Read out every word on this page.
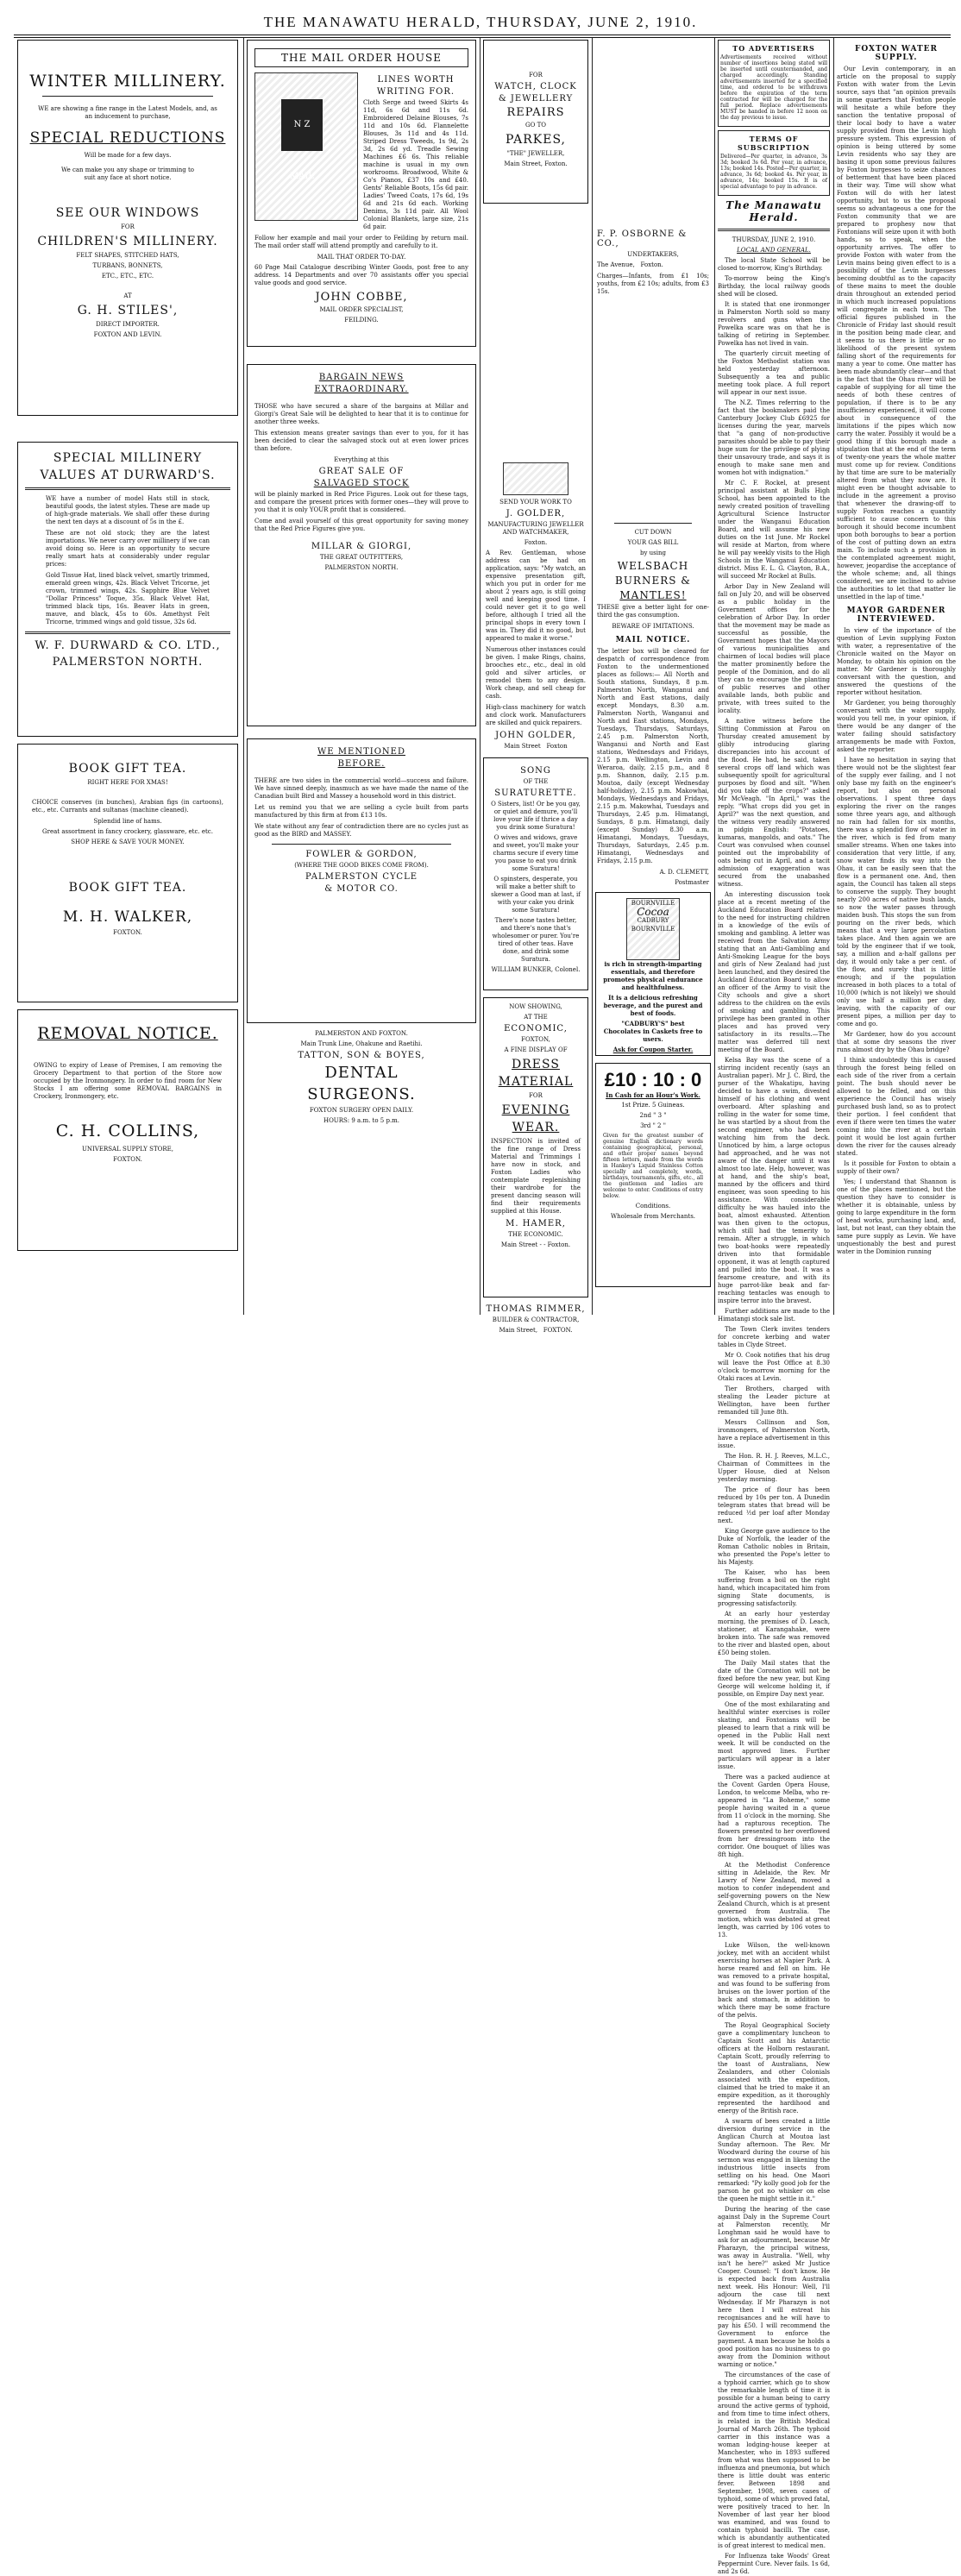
THE MANAWATU HERALD, THURSDAY, JUNE 2, 1910.
WINTER MILLINERY.

WE are showing a fine range in the Latest Models, and, as an inducement to purchase,

SPECIAL REDUCTIONS

Will be made for a few days.

We can make you any shape or trimming to suit any face at short notice.

SEE OUR WINDOWS

FOR

CHILDREN'S MILLINERY.

FELT SHAPES, STITCHED HATS,

TURBANS, BONNETS,

ETC., ETC., ETC.

AT

G. H. STILES',

DIRECT IMPORTER.

FOXTON AND LEVIN.

SPECIAL MILLINERY
VALUES AT DURWARD'S.

WE have a number of model Hats still in stock, beautiful goods, the latest styles. These are made up of high-grade materials. We shall offer these during the next ten days at a discount of 5s in the £.

These are not old stock; they are the latest importations. We never carry over millinery if we can avoid doing so. Here is an opportunity to secure really smart hats at considerably under regular prices:

Gold Tissue Hat, lined black velvet, smartly trimmed, emerald green wings, 42s. Black Velvet Tricorne, jet crown, trimmed wings, 42s. Sapphire Blue Velvet "Dollar Princess" Toque, 35s. Black Velvet Hat, trimmed black tips, 16s. Beaver Hats in green, mauve, and black, 45s to 60s. Amethyst Felt Tricorne, trimmed wings and gold tissue, 32s 6d.

W. F. DURWARD & CO. LTD.,
PALMERSTON NORTH.
BOOK GIFT TEA.

RIGHT HERE FOR XMAS!

CHOICE conserves (in bunches), Arabian figs (in cartoons), etc., etc. Currants and sultanas (machine cleaned).

Splendid line of hams.

Great assortment in fancy crockery, glassware, etc. etc.

SHOP HERE & SAVE YOUR MONEY.

BOOK GIFT TEA.
M. H. WALKER,

FOXTON.

REMOVAL NOTICE.

OWING to expiry of Lease of Premises, I am removing the Grocery Department to that portion of the Store now occupied by the Ironmongery. In order to find room for New Stocks I am offering some REMOVAL BARGAINS in Crockery, Ironmongery, etc.

C. H. COLLINS,

UNIVERSAL SUPPLY STORE,

FOXTON.

THE MAIL ORDER HOUSE
N Z MAIL
LINES WORTH
WRITING FOR.

Cloth Serge and tweed Skirts 4s 11d, 6s 6d and 11s 6d. Embroidered Delaine Blouses, 7s 11d and 10s 6d. Flannelette Blouses, 3s 11d and 4s 11d. Striped Dress Tweeds, 1s 9d, 2s 3d, 2s 6d yd. Treadle Sewing Machines £6 6s. This reliable machine is usual in my own workrooms. Broadwood, White & Co's Pianos, £37 10s and £40. Gents' Reliable Boots, 15s 6d pair. Ladies' Tweed Coats, 17s 6d, 19s 6d and 21s 6d each. Working Denims, 3s 11d pair. All Wool Colonial Blankets, large size, 21s 6d pair.

Follow her example and mail your order to Feilding by return mail. The mail order staff will attend promptly and carefully to it.

MAIL THAT ORDER TO-DAY.

60 Page Mail Catalogue describing Winter Goods, post free to any address. 14 Departments and over 70 assistants offer you special value goods and good service.

JOHN COBBE,

MAIL ORDER SPECIALIST,

FEILDING.

BARGAIN NEWS
EXTRAORDINARY.

THOSE who have secured a share of the bargains at Millar and Giorgi's Great Sale will be delighted to hear that it is to continue for another three weeks.

This extension means greater savings than ever to you, for it has been decided to clear the salvaged stock out at even lower prices than before.

Everything at this

GREAT SALE OF
SALVAGED STOCK

will be plainly marked in Red Price Figures. Look out for these tags, and compare the present prices with former ones—they will prove to you that it is only YOUR profit that is considered.

Come and avail yourself of this great opportunity for saving money that the Red Price Figures give you.

MILLAR & GIORGI,

THE GREAT OUTFITTERS,

PALMERSTON NORTH.

WE MENTIONED
BEFORE.

THERE are two sides in the commercial world—success and failure. We have sinned deeply, inasmuch as we have made the name of the Canadian built Bird and Massey a household word in this district.

Let us remind you that we are selling a cycle built from parts manufactured by this firm at from £13 10s.

We state without any fear of contradiction there are no cycles just as good as the BIRD and MASSEY.

FOWLER & GORDON,

(WHERE THE GOOD BIKES COME FROM).

PALMERSTON CYCLE
& MOTOR CO.

PALMERSTON AND FOXTON.

Main Trunk Line, Ohakune and Raetihi.

TATTON, SON & BOYES,
DENTAL
SURGEONS.

FOXTON SURGERY OPEN DAILY.

HOURS: 9 a.m. to 5 p.m.

FOR

WATCH, CLOCK
& JEWELLERY
REPAIRS

GO TO

PARKES,

"THE" JEWELLER,

Main Street, Foxton.

SEND YOUR WORK TO

J. GOLDER,

MANUFACTURING JEWELLER AND WATCHMAKER,

Foxton.

A Rev. Gentleman, whose address can be had on application, says: "My watch, an expensive presentation gift, which you put in order for me about 2 years ago, is still going well and keeping good time. I could never get it to go well before, although I tried all the principal shops in every town I was in. They did it no good, but appeared to make it worse."

Numerous other instances could be given. I make Rings, chains, brooches etc., etc., deal in old gold and silver articles, or remodel them to any design. Work cheap, and sell cheap for cash.

High-class machinery for watch and clock work. Manufacturers are skilled and quick repairers.

JOHN GOLDER,

Main Street Foxton

SONG

OF THE

SURATURETTE.

O Sisters, list! Or be you gay, or quiet and demure, you'll love your life if thrice a day you drink some Suratura!

O wives and widows, grave and sweet, you'll make your charms secure if every time you pause to eat you drink some Suratura!

O spinsters, desperate, you will make a better shift to skewer a Good man at last, if with your cake you drink some Suratura!

There's none tastes better, and there's none that's wholesomer or purer. You're tired of other teas. Have done, and drink some Suratura.

WILLIAM BUNKER, Colonel.

NOW SHOWING,

AT THE

ECONOMIC,

FOXTON,

A FINE DISPLAY OF

DRESS
MATERIAL

FOR

EVENING
WEAR.

INSPECTION is invited of the fine range of Dress Material and Trimmings I have now in stock, and Foxton Ladies who contemplate replenishing their wardrobe for the present dancing season will find their requirements supplied at this House.

M. HAMER,

THE ECONOMIC.

Main Street - - Foxton.

THOMAS RIMMER,

BUILDER & CONTRACTOR,

Main Street, FOXTON.

F. P. OSBORNE & CO.,

UNDERTAKERS,

The Avenue, Foxton.

Charges—Infants, from £1 10s; youths, from £2 10s; adults, from £3 15s.

CUT DOWN

YOUR GAS BILL

by using

WELSBACH
BURNERS &
MANTLES!

THESE give a better light for one-third the gas consumption.

BEWARE OF IMITATIONS.

MAIL NOTICE.

The letter box will be cleared for despatch of correspondence from Foxton to the undermentioned places as follows:— All North and South stations, Sundays, 8 p.m. Palmerston North, Wanganui and North and East stations, daily except Mondays, 8.30 a.m. Palmerston North, Wanganui and North and East stations, Mondays, Tuesdays, Thursdays, Saturdays, 2.45 p.m. Palmerston North, Wanganui and North and East stations, Wednesdays and Fridays, 2.15 p.m. Wellington, Levin and Weraroa, daily, 2.15 p.m., and 8 p.m. Shannon, daily, 2.15 p.m. Moutoa, daily (except Wednesday half-holiday), 2.15 p.m. Makowhai, Mondays, Wednesdays and Fridays, 2.15 p.m. Makowhai, Tuesdays and Thursdays, 2.45 p.m. Himatangi, Sundays, 8 p.m. Himatangi, daily (except Sunday) 8.30 a.m. Himatangi, Mondays, Tuesdays, Thursdays, Saturdays, 2.45 p.m. Himatangi, Wednesdays and Fridays, 2.15 p.m.

A. D. CLEMETT,

Postmaster

BOURNVILLE
Cocoa
CADBURY BOURNVILLE

is rich in strength-imparting essentials, and therefore promotes physical endurance and healthfulness.

It is a delicious refreshing beverage, and the purest and best of foods.

"CADBURY'S" best Chocolates in Caskets free to users.

Ask for Coupon Starter.

£10 : 10 : 0

In Cash for an Hour's Work.

1st Prize. 5 Guineas.

2nd " 3 "

3rd " 2 "

Given for the greatest number of genuine English dictionary words containing geographical, personal, and other proper names beyond fifteen letters, made from the words in Hankey's Liquid Stainless Cotton specially and completely, words, birthdays, tournaments, gifts, etc., all the gentlemen and ladies are welcome to enter. Conditions of entry below.

Conditions.

Wholesale from Merchants.

TO ADVERTISERS

Advertisements received without number of insertions being stated will be inserted until countermanded, and charged accordingly. Standing advertisements inserted for a specified time, and ordered to be withdrawn before the expiration of the term contracted for will be charged for the full period. Replace advertisements MUST be handed in before 12 noon on the day previous to issue.

TERMS OF SUBSCRIPTION

Delivered—Per quarter, in advance, 3s 3d; booked 3s 6d. Per year, in advance, 13s; booked 14s. Posted—Per quarter, in advance, 3s 6d; booked 4s. Per year, in advance, 14s; booked 15s. It is of special advantage to pay in advance.

The Manawatu Herald.

THURSDAY, JUNE 2, 1910.

LOCAL AND GENERAL.

The local State School will be closed to-morrow, King's Birthday.

To-morrow being the King's Birthday, the local railway goods shed will be closed.

It is stated that one ironmonger in Palmerston North sold so many revolvers and guns when the Powelka scare was on that he is talking of retiring in September. Powelka has not lived in vain.

The quarterly circuit meeting of the Foxton Methodist station was held yesterday afternoon. Subsequently a tea and public meeting took place. A full report will appear in our next issue.

The N.Z. Times referring to the fact that the bookmakers paid the Canterbury Jockey Club £6925 for licenses during the year, marvels that "a gang of non-productive parasites should be able to pay their huge sum for the privilege of plying their unsavoury trade, and says it is enough to make sane men and women hot with indignation."

Mr C. F. Rockel, at present principal assistant at Bulls High School, has been appointed to the newly created position of travelling Agricultural Science Instructor under the Wanganui Education Board, and will assume his new duties on the 1st June. Mr Rockel will reside at Marton, from where he will pay weekly visits to the High Schools in the Wanganui Education district. Miss E. L. G. Clayton, B.A., will succeed Mr Rockel at Bulls.

Arbor Day in New Zealand will fall on July 20, and will be observed as a public holiday in the Government offices for the celebration of Arbor Day. In order that the movement may be made as successful as possible, the Government hopes that the Mayors of various municipalities and chairmen of local bodies will place the matter prominently before the people of the Dominion, and do all they can to encourage the planting of public reserves and other available lands, both public and private, with trees suited to the locality.

A native witness before the Sitting Commission at Parou on Thursday created amusement by glibly introducing glaring discrepancies into his account of the flood. He had, he said, taken several crops off land which was subsequently spoilt for agricultural purposes by flood and silt. "When did you take off the crops?" asked Mr McVeagh. "In April," was the reply. "What crops did you get in April?" was the next question, and the witness very readily answered in pidgin English: "Potatoes, kumaras, mangolds, and oats." The Court was convulsed when counsel pointed out the improbability of oats being cut in April, and a tacit admission of exaggeration was secured from the unabashed witness.

An interesting discussion took place at a recent meeting of the Auckland Education Board relative to the need for instructing children in a knowledge of the evils of smoking and gambling. A letter was received from the Salvation Army stating that an Anti-Gambling and Anti-Smoking League for the boys and girls of New Zealand had just been launched, and they desired the Auckland Education Board to allow an officer of the Army to visit the City schools and give a short address to the children on the evils of smoking and gambling. This privilege has been granted in other places and has proved very satisfactory in its results.—The matter was deferred till next meeting of the Board.

Kelsa Bay was the scene of a stirring incident recently (says an Australian paper). Mr J. C. Bird, the purser of the Whakatipu, having decided to have a swim, divested himself of his clothing and went overboard. After splashing and rolling in the water for some time, he was startled by a shout from the second engineer, who had been watching him from the deck. Unnoticed by him, a large octopus had approached, and he was not aware of the danger until it was almost too late. Help, however, was at hand, and the ship's boat, manned by the officers and third engineer, was soon speeding to his assistance. With considerable difficulty he was hauled into the boat, almost exhausted. Attention was then given to the octopus, which still had the temerity to remain. After a struggle, in which two boat-hooks were repeatedly driven into that formidable opponent, it was at length captured and pulled into the boat. It was a fearsome creature, and with its huge parrot-like beak and far-reaching tentacles was enough to inspire terror into the bravest.

Further additions are made to the Himatangi stock sale list.

The Town Clerk invites tenders for concrete kerbing and water tables in Clyde Street.

Mr O. Cook notifies that his drug will leave the Post Office at 8.30 o'clock to-morrow morning for the Otaki races at Levin.

Tier Brothers, charged with stealing the Leader picture at Wellington, have been further remanded till June 8th.

Messrs Collinson and Son, ironmongers, of Palmerston North, have a replace advertisement in this issue.

The Hon. R. H. J. Reeves, M.L.C., Chairman of Committees in the Upper House, died at Nelson yesterday morning.

The price of flour has been reduced by 10s per ton. A Dunedin telegram states that bread will be reduced ½d per loaf after Monday next.

King George gave audience to the Duke of Norfolk, the leader of the Roman Catholic nobles in Britain, who presented the Pope's letter to his Majesty.

The Kaiser, who has been suffering from a boil on the right hand, which incapacitated him from signing State documents, is progressing satisfactorily.

At an early hour yesterday morning, the premises of D. Leach, stationer, at Karangahake, were broken into. The safe was removed to the river and blasted open, about £50 being stolen.

The Daily Mail states that the date of the Coronation will not be fixed before the new year, but King George will welcome holding it, if possible, on Empire Day next year.

One of the most exhilarating and healthful winter exercises is roller skating, and Foxtonians will be pleased to learn that a rink will be opened in the Public Hall next week. It will be conducted on the most approved lines. Further particulars will appear in a later issue.

There was a packed audience at the Covent Garden Opera House, London, to welcome Melba, who re-appeared in "La Boheme," some people having waited in a queue from 11 o'clock in the morning. She had a rapturous reception. The flowers presented to her overflowed from her dressingroom into the corridor. One bouquet of lilies was 8ft high.

At the Methodist Conference sitting in Adelaide, the Rev. Mr Lawry of New Zealand, moved a motion to confer independent and self-governing powers on the New Zealand Church, which is at present governed from Australia. The motion, which was debated at great length, was carried by 106 votes to 13.

Luke Wilson, the well-known jockey, met with an accident whilst exercising horses at Napier Park. A horse reared and fell on him. He was removed to a private hospital, and was found to be suffering from bruises on the lower portion of the back and stomach, in addition to which there may be some fracture of the pelvis.

The Royal Geographical Society gave a complimentary luncheon to Captain Scott and his Antarctic officers at the Holborn restaurant. Captain Scott, proudly referring to the toast of Australians, New Zealanders, and other Colonials associated with the expedition, claimed that he tried to make it an empire expedition, as it thoroughly represented the hardihood and energy of the British race.

A swarm of bees created a little diversion during service in the Anglican Church at Moutoa last Sunday afternoon. The Rev. Mr Woodward during the course of his sermon was engaged in likening the industrious little insects from settling on his head. One Maori remarked: "Py kolly good job for the parson he got no whisker on else the queen he might settle in it."

During the hearing of the case against Daly in the Supreme Court at Palmerston recently, Mr Longhman said he would have to ask for an adjournment, because Mr Pharazyn, the principal witness, was away in Australia. "Well, why isn't he here?" asked Mr Justice Cooper. Counsel: "I don't know. He is expected back from Australia next week. His Honour: Well, I'll adjourn the case till next Wednesday. If Mr Pharazyn is not here then I will estreat his recognisances and he will have to pay his £50. I will recommend the Government to enforce the payment. A man because he holds a good position has no business to go away from the Dominion without warning or notice."

The circumstances of the case of a typhoid carrier, which go to show the remarkable length of time it is possible for a human being to carry around the active germs of typhoid, and from time to time infect others, is related in the British Medical Journal of March 26th. The typhoid carrier in this instance was a woman lodging-house keeper at Manchester, who in 1893 suffered from what was then supposed to be influenza and pneumonia, but which there is little doubt was enteric fever. Between 1898 and September, 1908, seven cases of typhoid, some of which proved fatal, were positively traced to her. In November of last year her blood was examined, and was found to contain typhoid bacilli. The case, which is abundantly authenticated is of great interest to medical men.

For Influenza take Woods' Great Peppermint Cure. Never fails. 1s 6d, and 2s 6d.

FOXTON WATER SUPPLY.

Our Levin contemporary, in an article on the proposal to supply Foxton with water from the Levin source, says that "an opinion prevails in some quarters that Foxton people will hesitate a while before they sanction the tentative proposal of their local body to have a water supply provided from the Levin high pressure system. This expression of opinion is being uttered by some Levin residents who say they are basing it upon some previous failures by Foxton burgesses to seize chances of betterment that have been placed in their way. Time will show what Foxton will do with her latest opportunity, but to us the proposal seems so advantageous a one for the Foxton community that we are prepared to prophesy now that Foxtonians will seize upon it with both hands, so to speak, when the opportunity arrives. The offer to provide Foxton with water from the Levin mains being given effect to is a possibility of the Levin burgesses becoming doubtful as to the capacity of these mains to meet the double drain throughout an extended period in which much increased populations will congregate in each town. The official figures published in the Chronicle of Friday last should result in the position being made clear, and it seems to us there is little or no likelihood of the present system falling short of the requirements for many a year to come. One matter has been made abundantly clear—and that is the fact that the Ohau river will be capable of supplying for all time the needs of both these centres of population, if there is to be any insufficiency experienced, it will come about in consequence of the limitations if the pipes which now carry the water. Possibly it would be a good thing if this borough made a stipulation that at the end of the term of twenty-one years the whole matter must come up for review. Conditions by that time are sure to be materially altered from what they now are. It might even be thought advisable to include in the agreement a proviso that whenever the drawing-off to supply Foxton reaches a quantity sufficient to cause concern to this borough it should become incumbent upon both boroughs to bear a portion of the cost of putting down an extra main. To include such a provision in the contemplated agreement might, however, jeopardise the acceptance of the whole scheme; and, all things considered, we are inclined to advise the authorities to let that matter lie unsettled in the lap of time."

MAYOR GARDENER INTERVIEWED.

In view of the importance of the question of Levin supplying Foxton with water, a representative of the Chronicle waited on the Mayor on Monday, to obtain his opinion on the matter. Mr Gardener is thoroughly conversant with the question, and answered the questions of the reporter without hesitation.

Mr Gardener, you being thoroughly conversant with the water supply, would you tell me, in your opinion, if there would be any danger of the water failing should satisfactory arrangements be made with Foxton, asked the reporter.

I have no hesitation in saying that there would not be the slightest fear of the supply ever failing, and I not only base my faith on the engineer's report, but also on personal observations. I spent three days exploring the river on the ranges some three years ago, and although no rain had fallen for six months, there was a splendid flow of water in the river, which is fed from many smaller streams. When one takes into consideration that very little, if any, snow water finds its way into the Ohau, it can be easily seen that the flow is a permanent one. And, then again, the Council has taken all steps to conserve the supply. They bought nearly 200 acres of native bush lands, so now the water passes through maiden bush. This stops the sun from pouring on the river beds, which means that a very large percolation takes place. And then again we are told by the engineer that if we took, say, a million and a-half gallons per day, it would only take a per cent. of the flow, and surely that is little enough; and if the population increased in both places to a total of 10,000 (which is not likely) we should only use half a million per day, leaving, with the capacity of our present pipes, a million per day to come and go.

Mr Gardener, how do you account that at some dry seasons the river runs almost dry by the Ohau bridge?

I think undoubtedly this is caused through the forest being felled on each side of the river from a certain point. The bush should never be allowed to be felled, and on this experience the Council has wisely purchased bush land, so as to protect their portion. I feel confident that even if there were ten times the water coming into the river at a certain point it would be lost again further down the river for the causes already stated.

Is it possible for Foxton to obtain a supply of their own?

Yes; I understand that Shannon is one of the places mentioned, but the question they have to consider is whether it is obtainable, unless by going to large expenditure in the form of head works, purchasing land, and, last, but not least, can they obtain the same pure supply as Levin. We have unquestionably the best and purest water in the Dominion running
